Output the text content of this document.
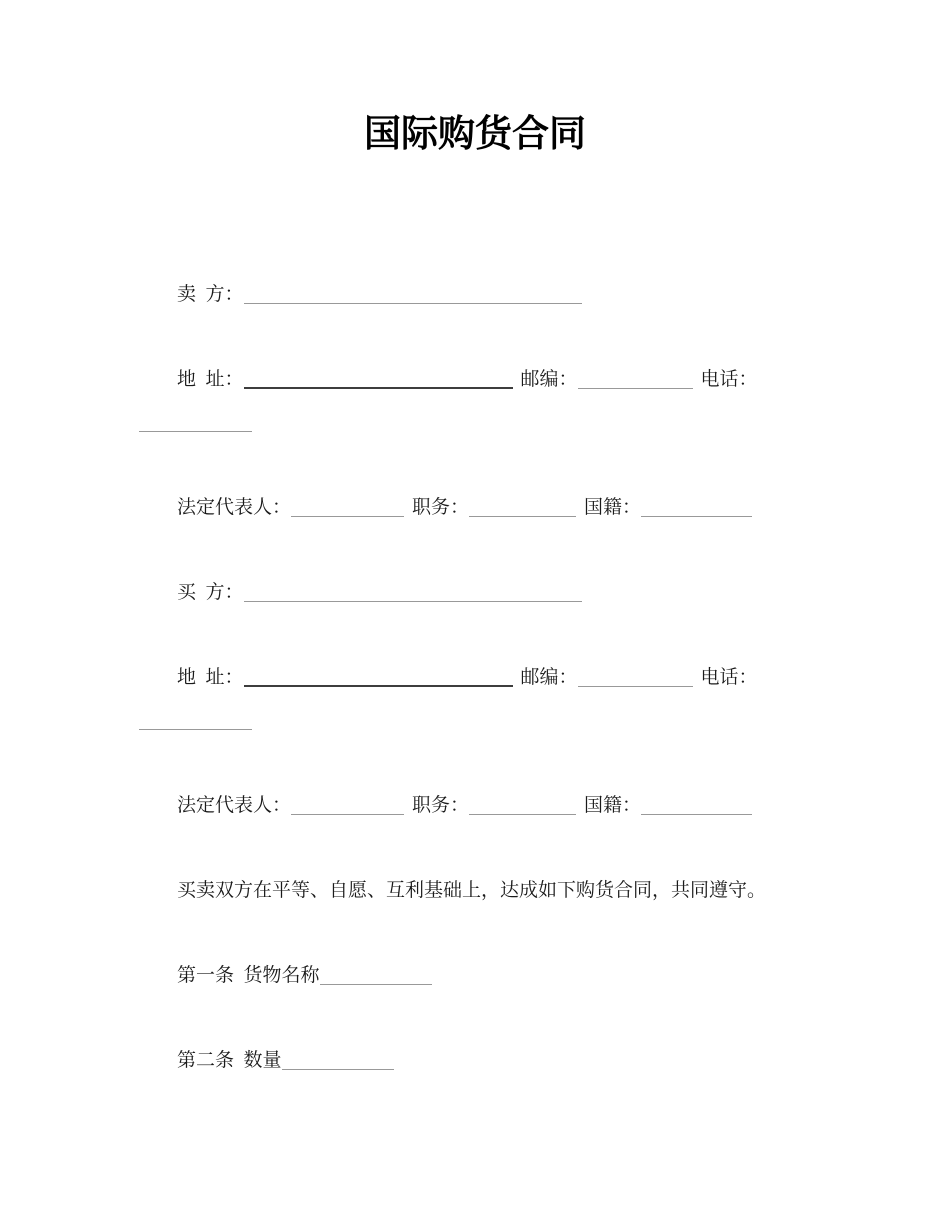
国际购货合同

卖  方：

地  址：	邮编：	电话：

法定代表人：	职务：	国籍：

买  方：

地  址：	邮编：	电话：

法定代表人：	职务：	国籍：

买卖双方在平等、自愿、互利基础上，达成如下购货合同，共同遵守。

第一条  货物名称

第二条  数量
